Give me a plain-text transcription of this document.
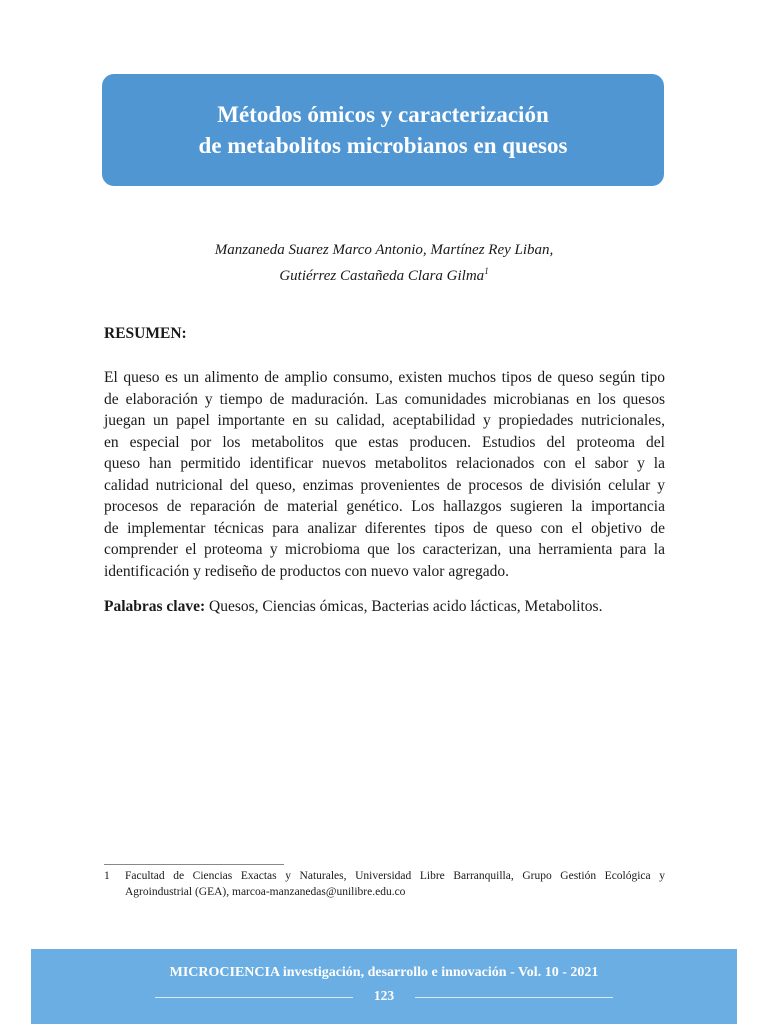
Métodos ómicos y caracterización
de metabolitos microbianos en quesos
Manzaneda Suarez Marco Antonio, Martínez Rey Liban,
Gutiérrez Castañeda Clara Gilma$^1$
RESUMEN:
El queso es un alimento de amplio consumo, existen muchos tipos de queso según tipo
de elaboración y tiempo de maduración. Las comunidades microbianas en los quesos
juegan un papel importante en su calidad, aceptabilidad y propiedades nutricionales,
en especial por los metabolitos que estas producen. Estudios del proteoma del
queso han permitido identificar nuevos metabolitos relacionados con el sabor y la
calidad nutricional del queso, enzimas provenientes de procesos de división celular y
procesos de reparación de material genético. Los hallazgos sugieren la importancia
de implementar técnicas para analizar diferentes tipos de queso con el objetivo de
comprender el proteoma y microbioma que los caracterizan, una herramienta para la
identificación y rediseño de productos con nuevo valor agregado.
Palabras clave: Quesos, Ciencias ómicas, Bacterias acido lácticas, Metabolitos.
1 Facultad de Ciencias Exactas y Naturales, Universidad Libre Barranquilla, Grupo Gestión Ecológica y
Agroindustrial (GEA), marcoa-manzanedas@unilibre.edu.co
MICROCIENCIA investigación, desarrollo e innovación - Vol. 10 - 2021
123
